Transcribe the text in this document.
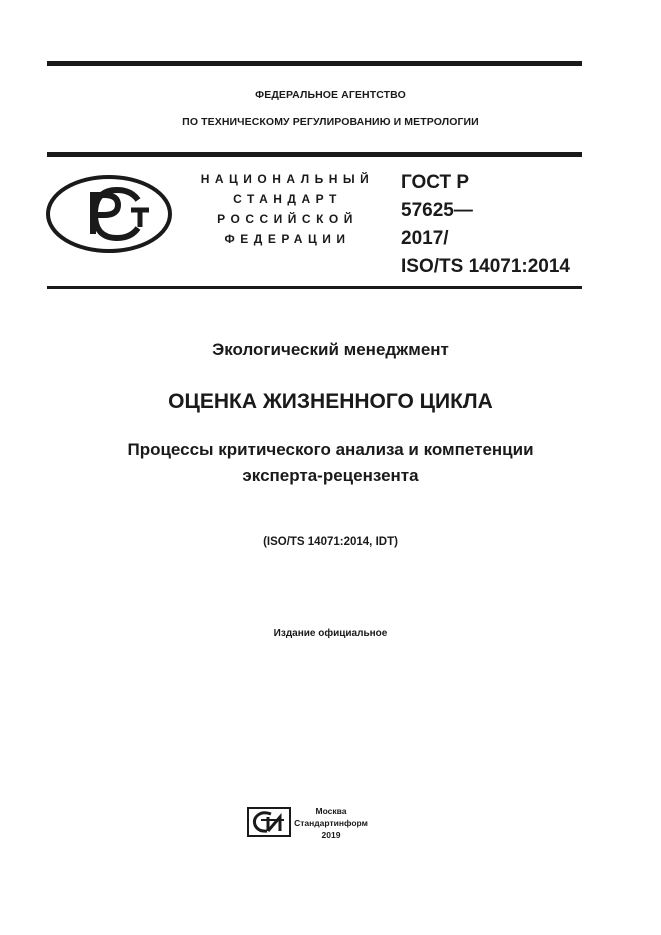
ФЕДЕРАЛЬНОЕ АГЕНТСТВО
ПО ТЕХНИЧЕСКОМУ РЕГУЛИРОВАНИЮ И МЕТРОЛОГИИ
НАЦИОНАЛЬНЫЙ
СТАНДАРТ
РОССИЙСКОЙ
ФЕДЕРАЦИИ
ГОСТ Р
57625—
2017/
ISO/TS 14071:2014
Экологический менеджмент
ОЦЕНКА ЖИЗНЕННОГО ЦИКЛА
Процессы критического анализа и компетенции
эксперта-рецензента
(ISO/TS 14071:2014, IDT)
Издание официальное
Москва
Стандартинформ
2019
